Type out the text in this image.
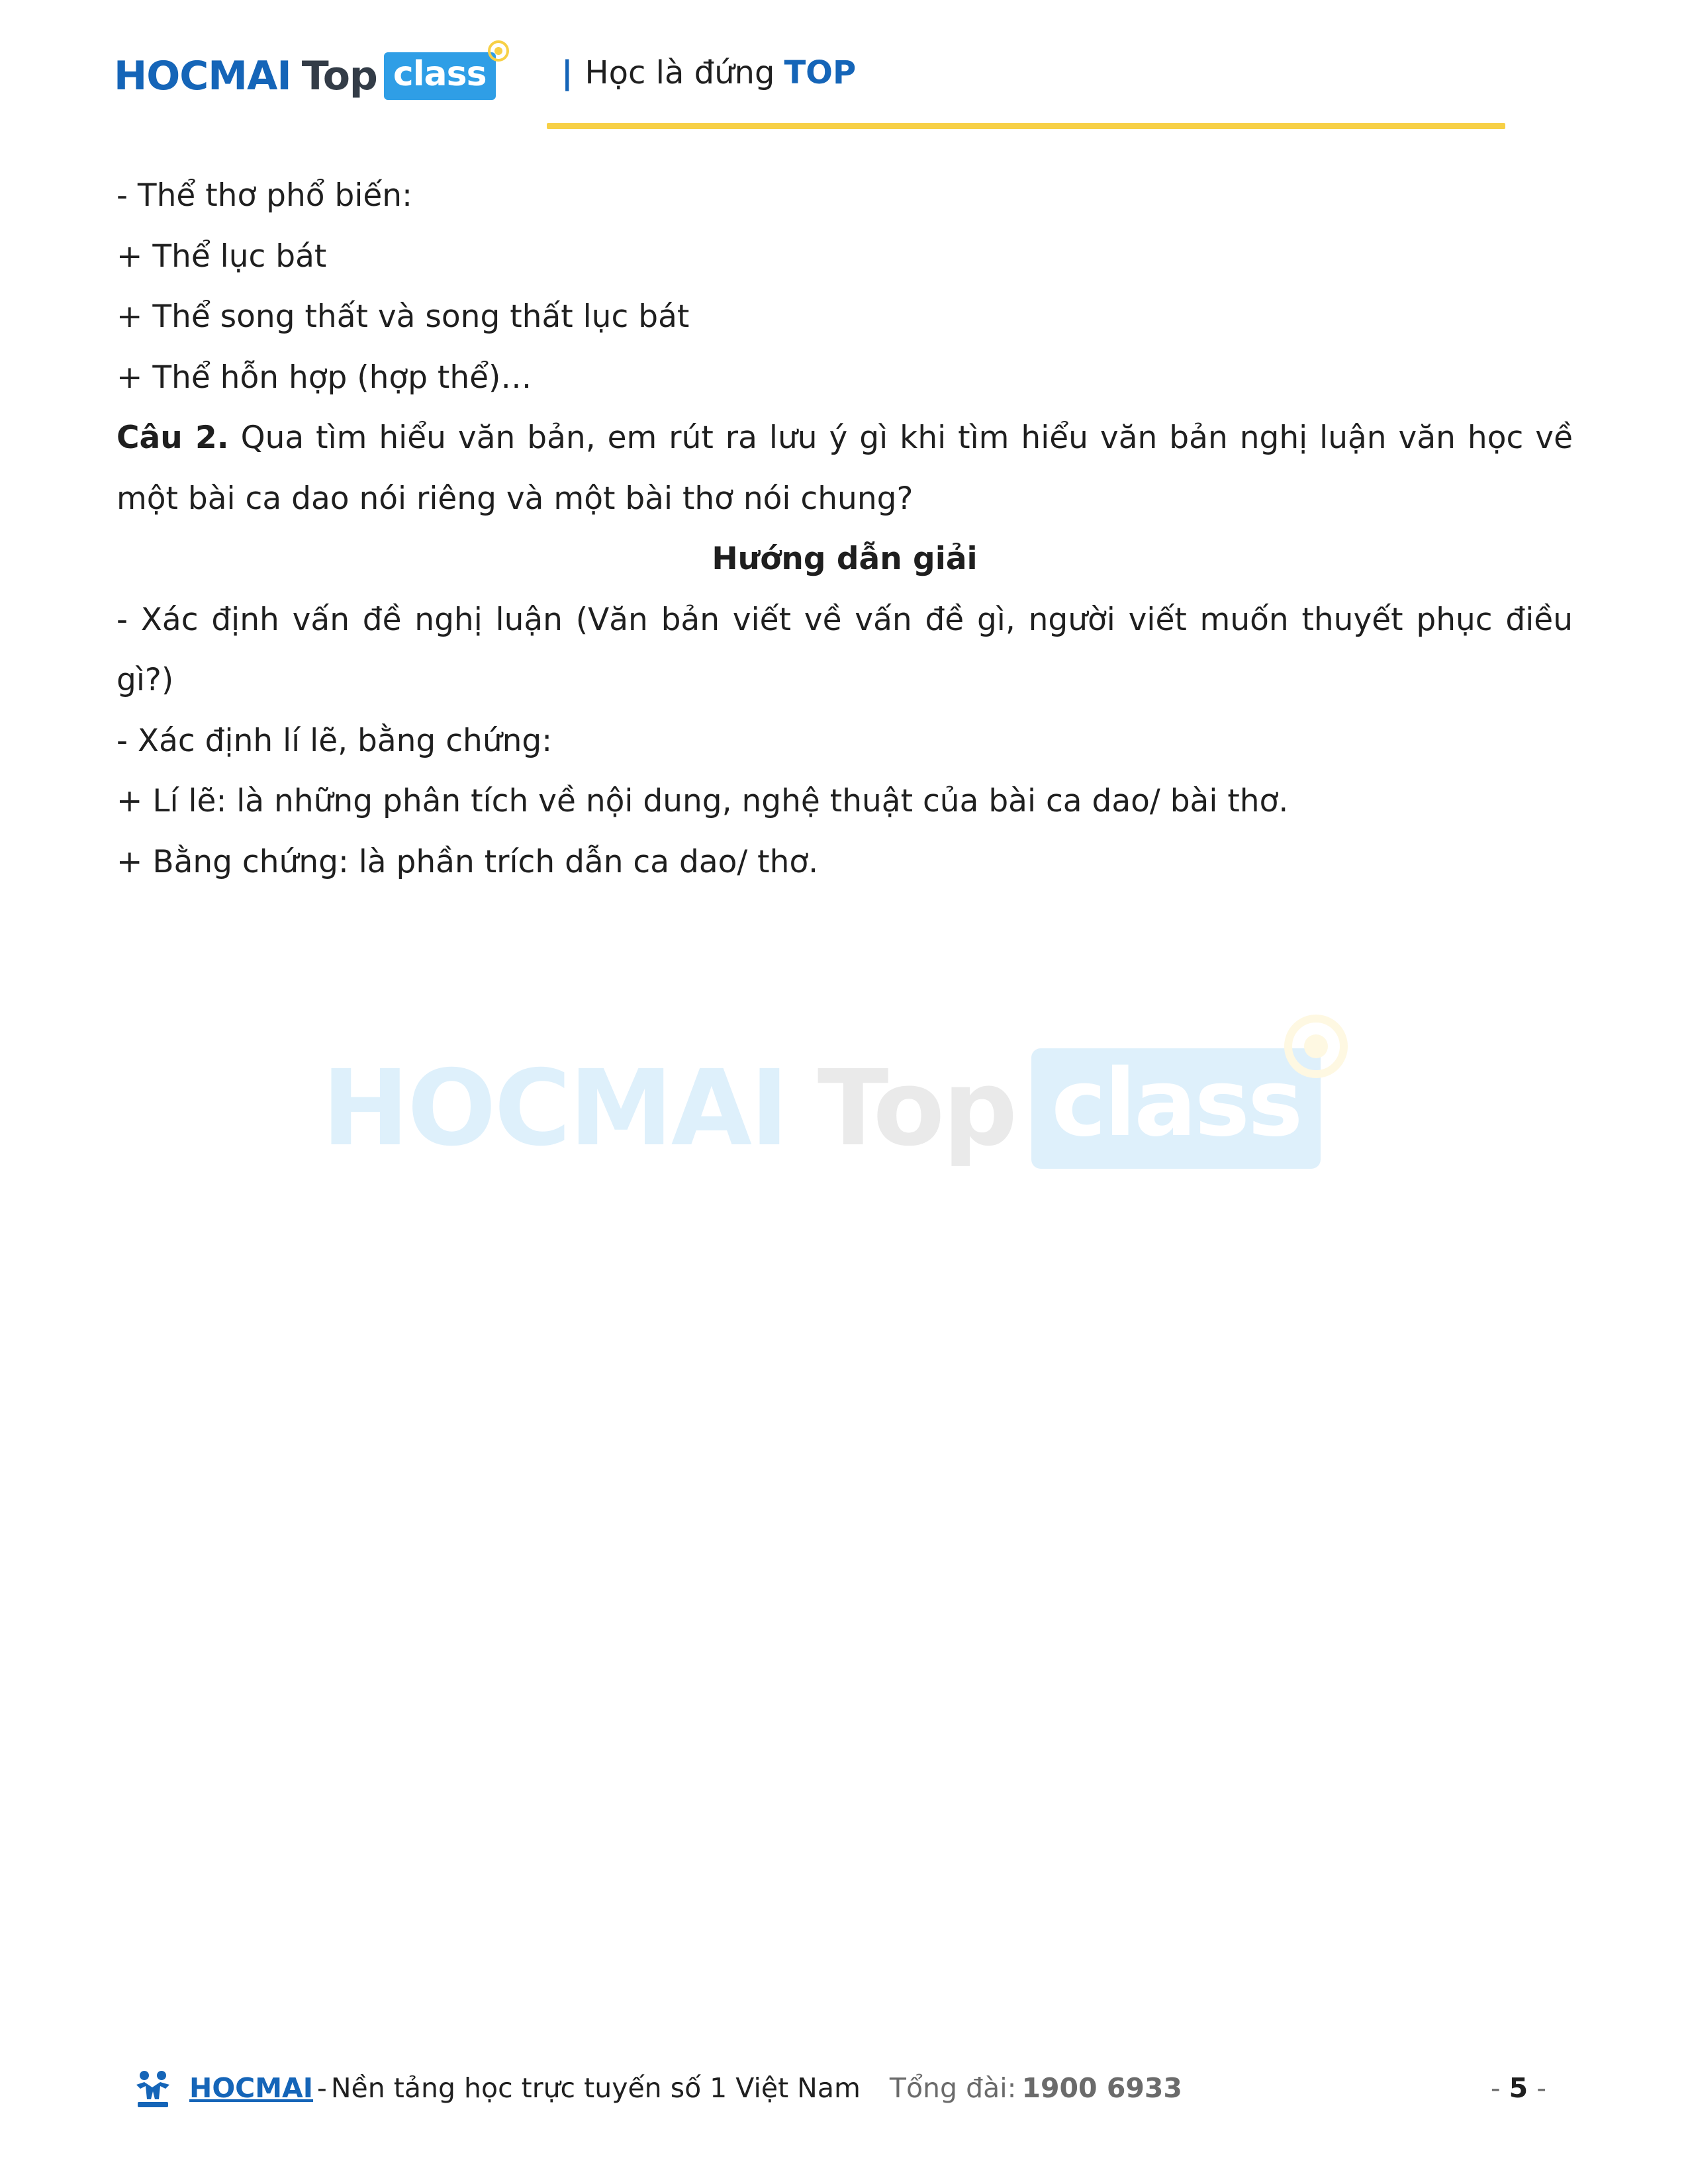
HOCMAI Top class | Học là đứng TOP
HOCMAI Top class

- Thể thơ phổ biến:

+ Thể lục bát

+ Thể song thất và song thất lục bát

+ Thể hỗn hợp (hợp thể)…

Câu 2. Qua tìm hiểu văn bản, em rút ra lưu ý gì khi tìm hiểu văn bản nghị luận văn học về một bài ca dao nói riêng và một bài thơ nói chung?

Hướng dẫn giải

- Xác định vấn đề nghị luận (Văn bản viết về vấn đề gì, người viết muốn thuyết phục điều gì?)

- Xác định lí lẽ, bằng chứng:

+ Lí lẽ: là những phân tích về nội dung, nghệ thuật của bài ca dao/ bài thơ.

+ Bằng chứng: là phần trích dẫn ca dao/ thơ.

HOCMAI - Nền tảng học trực tuyến số 1 Việt Nam Tổng đài: 1900 6933	- 5 -
